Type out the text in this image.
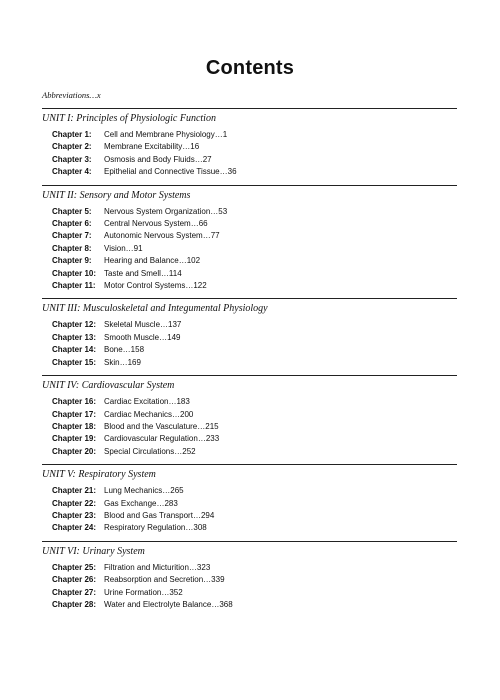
Contents
Abbreviations…x
UNIT I: Principles of Physiologic Function
Chapter 1:	Cell and Membrane Physiology…1
Chapter 2:	Membrane Excitability…16
Chapter 3:	Osmosis and Body Fluids…27
Chapter 4:	Epithelial and Connective Tissue…36
UNIT II: Sensory and Motor Systems
Chapter 5:	Nervous System Organization…53
Chapter 6:	Central Nervous System…66
Chapter 7:	Autonomic Nervous System…77
Chapter 8:	Vision…91
Chapter 9:	Hearing and Balance…102
Chapter 10: Taste and Smell…114
Chapter 11:	Motor Control Systems…122
UNIT III: Musculoskeletal and Integumental Physiology
Chapter 12: Skeletal Muscle…137
Chapter 13: Smooth Muscle…149
Chapter 14: Bone…158
Chapter 15: Skin…169
UNIT IV: Cardiovascular System
Chapter 16: Cardiac Excitation…183
Chapter 17: Cardiac Mechanics…200
Chapter 18: Blood and the Vasculature…215
Chapter 19: Cardiovascular Regulation…233
Chapter 20: Special Circulations…252
UNIT V: Respiratory System
Chapter 21: Lung Mechanics…265
Chapter 22: Gas Exchange…283
Chapter 23: Blood and Gas Transport…294
Chapter 24: Respiratory Regulation…308
UNIT VI: Urinary System
Chapter 25: Filtration and Micturition…323
Chapter 26: Reabsorption and Secretion…339
Chapter 27: Urine Formation…352
Chapter 28: Water and Electrolyte Balance…368
